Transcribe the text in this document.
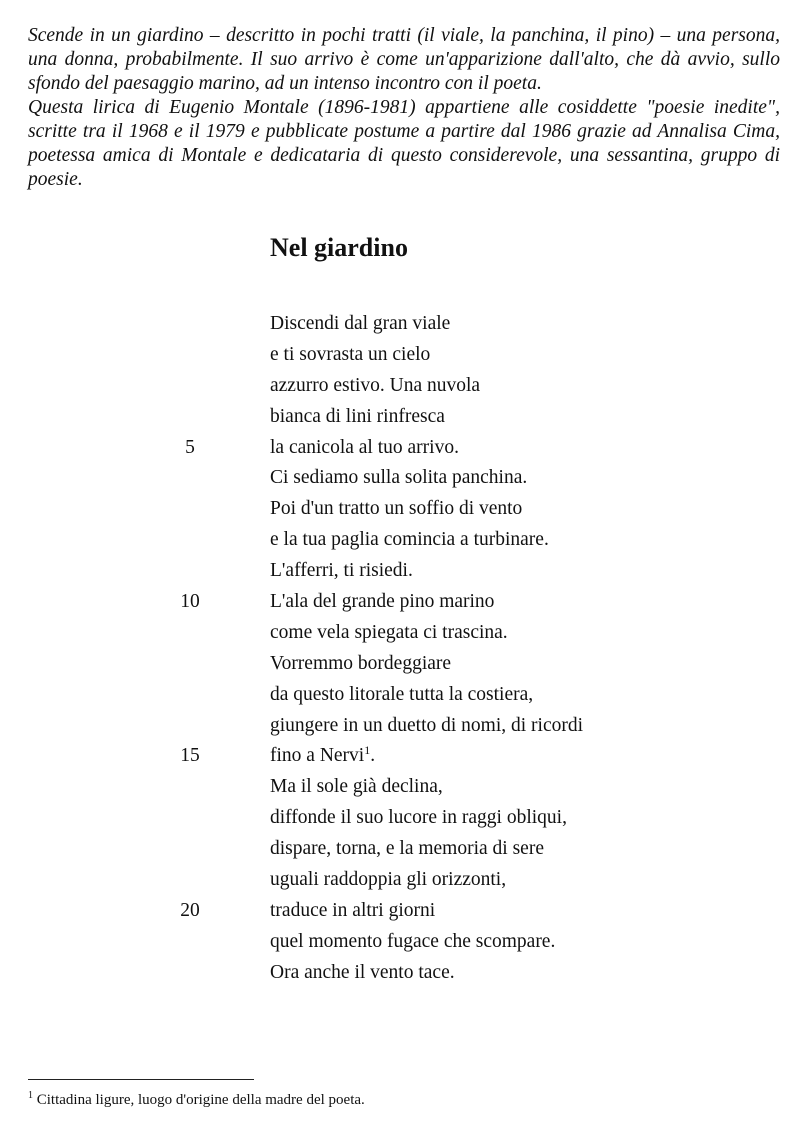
Scende in un giardino – descritto in pochi tratti (il viale, la panchina, il pino) – una persona, una donna, probabilmente. Il suo arrivo è come un'apparizione dall'alto, che dà avvio, sullo sfondo del paesaggio marino, ad un intenso incontro con il poeta.

Questa lirica di Eugenio Montale (1896-1981) appartiene alle cosiddette "poesie inedite", scritte tra il 1968 e il 1979 e pubblicate postume a partire dal 1986 grazie ad Annalisa Cima, poetessa amica di Montale e dedicataria di questo considerevole, una sessantina, gruppo di poesie.

Nel giardino
Discendi dal gran viale
e ti sovrasta un cielo
azzurro estivo. Una nuvola
bianca di lini rinfresca
5	la canicola al tuo arrivo.
Ci sediamo sulla solita panchina.
Poi d'un tratto un soffio di vento
e la tua paglia comincia a turbinare.
L'afferri, ti risiedi.
10	L'ala del grande pino marino
come vela spiegata ci trascina.
Vorremmo bordeggiare
da questo litorale tutta la costiera,
giungere in un duetto di nomi, di ricordi
15	fino a Nervi$^1$.
Ma il sole già declina,
diffonde il suo lucore in raggi obliqui,
dispare, torna, e la memoria di sere
uguali raddoppia gli orizzonti,
20	traduce in altri giorni
quel momento fugace che scompare.
Ora anche il vento tace.
$^1$ Cittadina ligure, luogo d'origine della madre del poeta.
